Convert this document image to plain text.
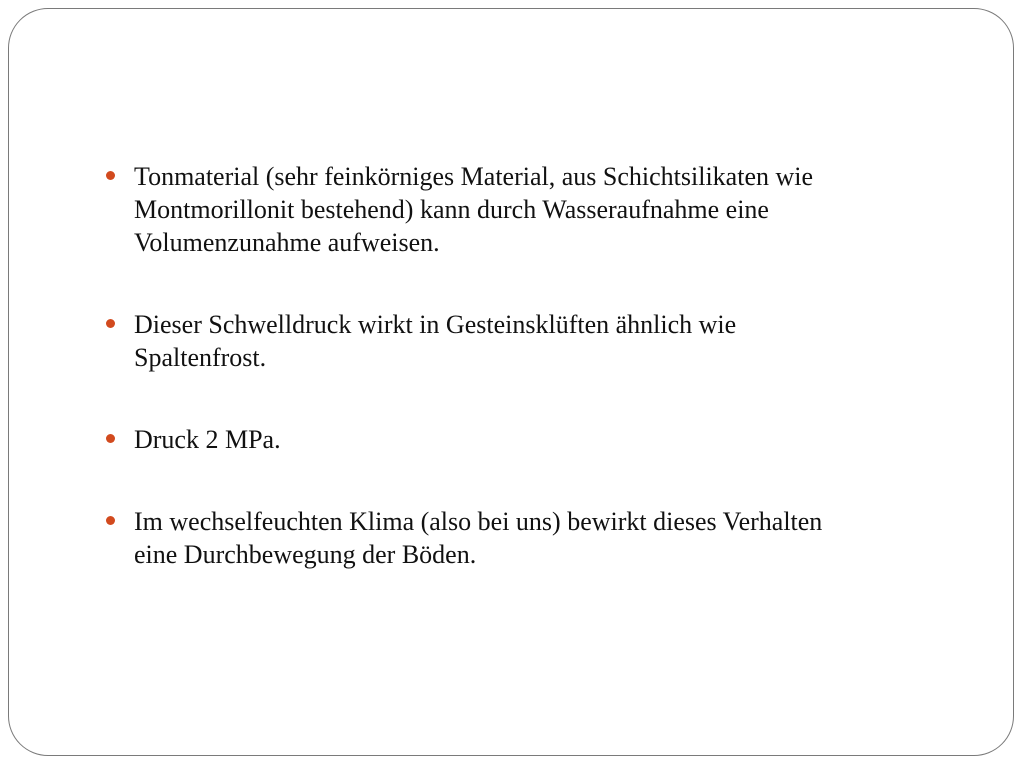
Tonmaterial (sehr feinkörniges Material, aus Schichtsilikaten wie Montmorillonit bestehend) kann durch Wasseraufnahme eine Volumenzunahme aufweisen.
Dieser Schwelldruck wirkt in Gesteinsklüften ähnlich wie Spaltenfrost.
Druck 2 MPa.
Im wechselfeuchten Klima (also bei uns) bewirkt dieses Verhalten eine Durchbewegung der Böden.
